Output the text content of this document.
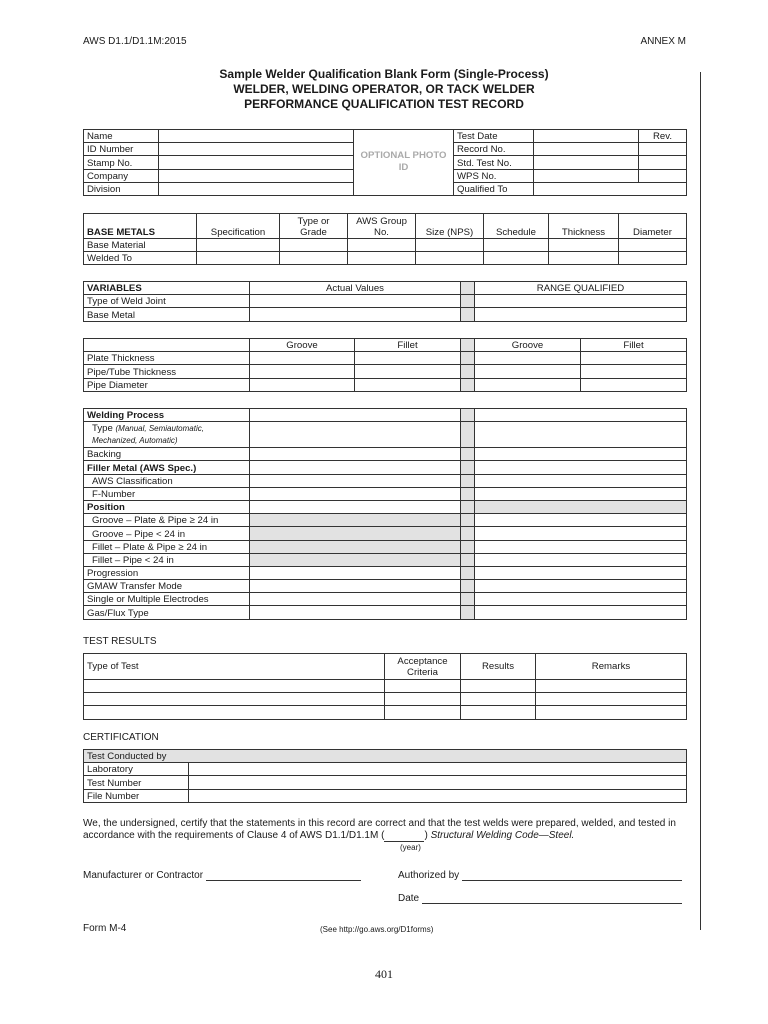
AWS D1.1/D1.1M:2015	ANNEX M
Sample Welder Qualification Blank Form (Single-Process)
WELDER, WELDING OPERATOR, OR TACK WELDER
PERFORMANCE QUALIFICATION TEST RECORD
Name		OPTIONAL PHOTO ID	Test Date		Rev.
ID Number			Record No.		
Stamp No.			Std. Test No.		
Company			WPS No.		
Division			Qualified To		
BASE METALS	Specification	Type or Grade	AWS Group No.	Size (NPS)	Schedule	Thickness	Diameter
Base Material							
Welded To							
VARIABLES	Actual Values		RANGE QUALIFIED
Type of Weld Joint			
Base Metal			
	Groove	Fillet		Groove	Fillet
Plate Thickness					
Pipe/Tube Thickness					
Pipe Diameter					
Welding Process			
Type (Manual, Semiautomatic, Mechanized, Automatic)			
Backing			
Filler Metal (AWS Spec.)			
AWS Classification			
F-Number			
Position			
Groove – Plate & Pipe ≥ 24 in			
Groove – Pipe < 24 in			
Fillet – Plate & Pipe ≥ 24 in			
Fillet – Pipe < 24 in			
Progression			
GMAW Transfer Mode			
Single or Multiple Electrodes			
Gas/Flux Type			
TEST RESULTS
Type of Test	Acceptance Criteria	Results	Remarks

CERTIFICATION
Test Conducted by	
Laboratory	
Test Number	
File Number	
We, the undersigned, certify that the statements in this record are correct and that the test welds were prepared, welded, and tested in
accordance with the requirements of Clause 4 of AWS D1.1/D1.1M (	) Structural Welding Code—Steel.
(year)
Manufacturer or Contractor	Authorized by
Date
Form M-4	(See http://go.aws.org/D1forms)
401
